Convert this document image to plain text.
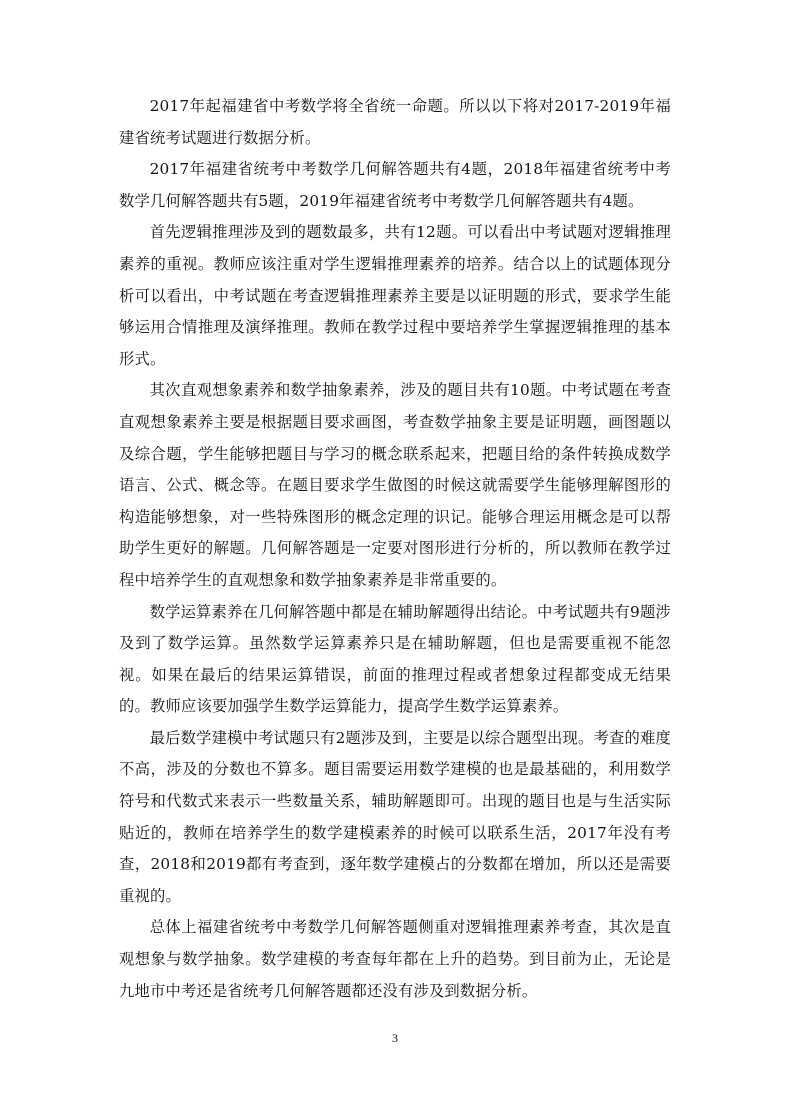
2017年起福建省中考数学将全省统一命题。所以以下将对2017-2019年福建省统考试题进行数据分析。

2017年福建省统考中考数学几何解答题共有4题，2018年福建省统考中考数学几何解答题共有5题，2019年福建省统考中考数学几何解答题共有4题。

首先逻辑推理涉及到的题数最多，共有12题。可以看出中考试题对逻辑推理素养的重视。教师应该注重对学生逻辑推理素养的培养。结合以上的试题体现分析可以看出，中考试题在考查逻辑推理素养主要是以证明题的形式，要求学生能够运用合情推理及演绎推理。教师在教学过程中要培养学生掌握逻辑推理的基本形式。

其次直观想象素养和数学抽象素养，涉及的题目共有10题。中考试题在考查直观想象素养主要是根据题目要求画图，考查数学抽象主要是证明题，画图题以及综合题，学生能够把题目与学习的概念联系起来，把题目给的条件转换成数学语言、公式、概念等。在题目要求学生做图的时候这就需要学生能够理解图形的构造能够想象，对一些特殊图形的概念定理的识记。能够合理运用概念是可以帮助学生更好的解题。几何解答题是一定要对图形进行分析的，所以教师在教学过程中培养学生的直观想象和数学抽象素养是非常重要的。

数学运算素养在几何解答题中都是在辅助解题得出结论。中考试题共有9题涉及到了数学运算。虽然数学运算素养只是在辅助解题，但也是需要重视不能忽视。如果在最后的结果运算错误，前面的推理过程或者想象过程都变成无结果的。教师应该要加强学生数学运算能力，提高学生数学运算素养。

最后数学建模中考试题只有2题涉及到，主要是以综合题型出现。考查的难度不高，涉及的分数也不算多。题目需要运用数学建模的也是最基础的，利用数学符号和代数式来表示一些数量关系，辅助解题即可。出现的题目也是与生活实际贴近的，教师在培养学生的数学建模素养的时候可以联系生活，2017年没有考查，2018和2019都有考查到，逐年数学建模占的分数都在增加，所以还是需要重视的。

总体上福建省统考中考数学几何解答题侧重对逻辑推理素养考查，其次是直观想象与数学抽象。数学建模的考查每年都在上升的趋势。到目前为止，无论是九地市中考还是省统考几何解答题都还没有涉及到数据分析。

3
